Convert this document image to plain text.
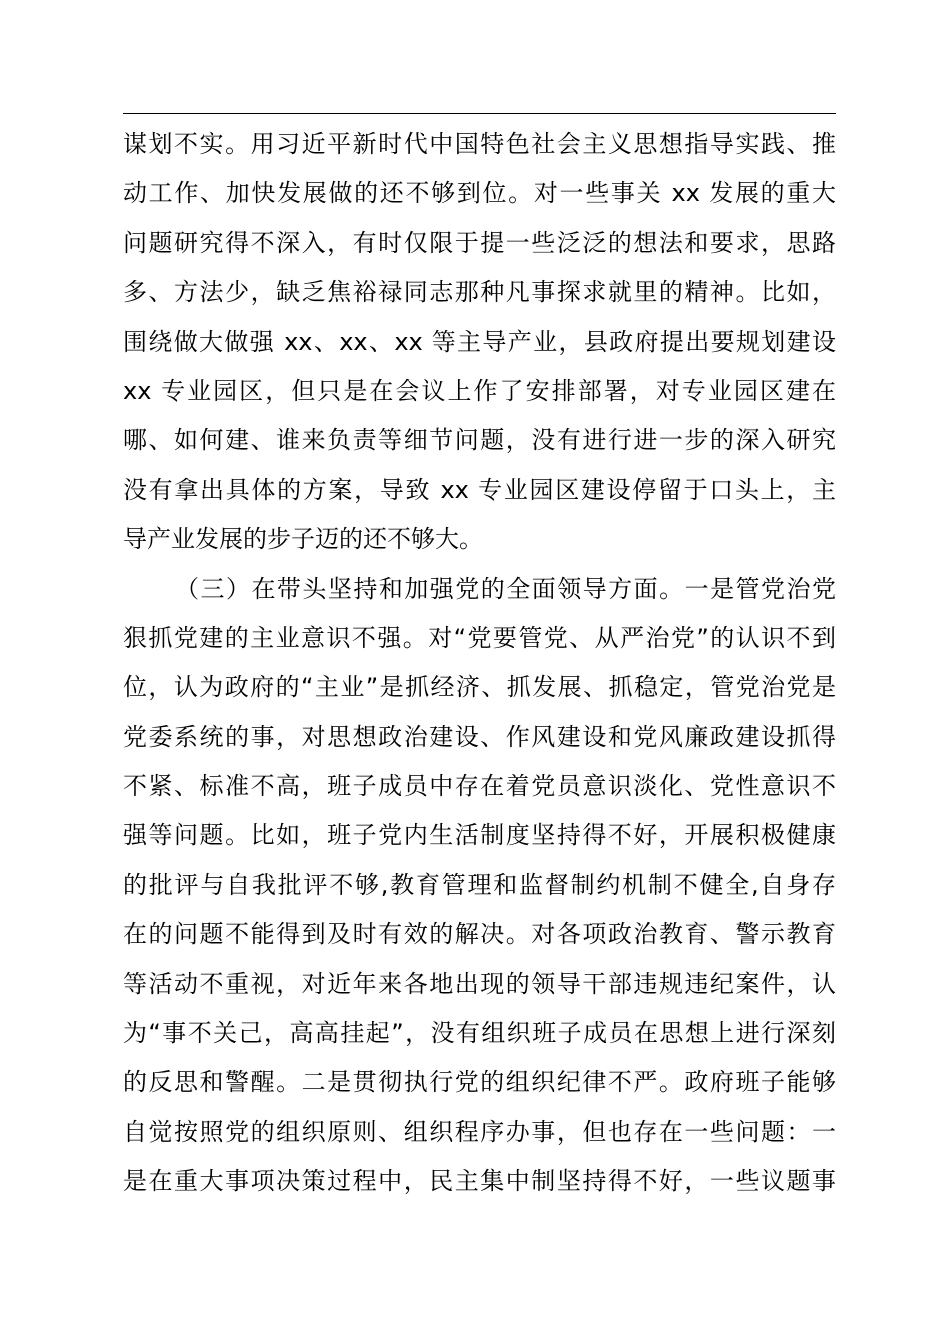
谋划不实。用习近平新时代中国特色社会主义思想指导实践、推
动工作、加快发展做的还不够到位。对一些事关 xx 发展的重大
问题研究得不深入，有时仅限于提一些泛泛的想法和要求，思路
多、方法少，缺乏焦裕禄同志那种凡事探求就里的精神。比如，
围绕做大做强 xx、xx、xx 等主导产业，县政府提出要规划建设
xx 专业园区，但只是在会议上作了安排部署，对专业园区建在
哪、如何建、谁来负责等细节问题，没有进行进一步的深入研究
没有拿出具体的方案，导致 xx 专业园区建设停留于口头上，主
导产业发展的步子迈的还不够大。
（三）在带头坚持和加强党的全面领导方面。一是管党治党
狠抓党建的主业意识不强。对“党要管党、从严治党”的认识不到
位，认为政府的“主业”是抓经济、抓发展、抓稳定，管党治党是
党委系统的事，对思想政治建设、作风建设和党风廉政建设抓得
不紧、标准不高，班子成员中存在着党员意识淡化、党性意识不
强等问题。比如，班子党内生活制度坚持得不好，开展积极健康
的批评与自我批评不够,教育管理和监督制约机制不健全,自身存
在的问题不能得到及时有效的解决。对各项政治教育、警示教育
等活动不重视，对近年来各地出现的领导干部违规违纪案件，认
为“事不关己，高高挂起”，没有组织班子成员在思想上进行深刻
的反思和警醒。二是贯彻执行党的组织纪律不严。政府班子能够
自觉按照党的组织原则、组织程序办事，但也存在一些问题：一
是在重大事项决策过程中，民主集中制坚持得不好，一些议题事
